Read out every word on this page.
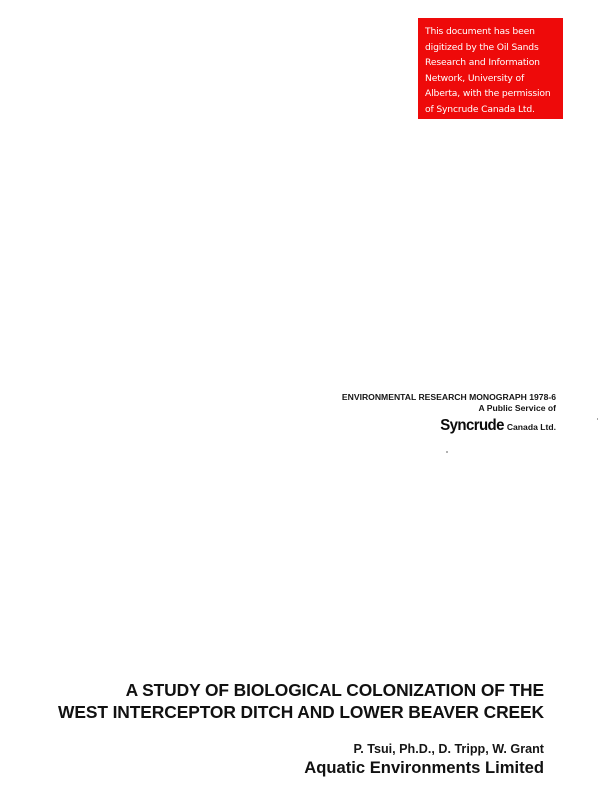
This document has been
digitized by the Oil Sands
Research and Information
Network, University of
Alberta, with the permission
of Syncrude Canada Ltd.
ENVIRONMENTAL RESEARCH MONOGRAPH 1978-6
A Public Service of
Syncrude Canada Ltd.
A STUDY OF BIOLOGICAL COLONIZATION OF THE
WEST INTERCEPTOR DITCH AND LOWER BEAVER CREEK
P. Tsui, Ph.D., D. Tripp, W. Grant
Aquatic Environments Limited
